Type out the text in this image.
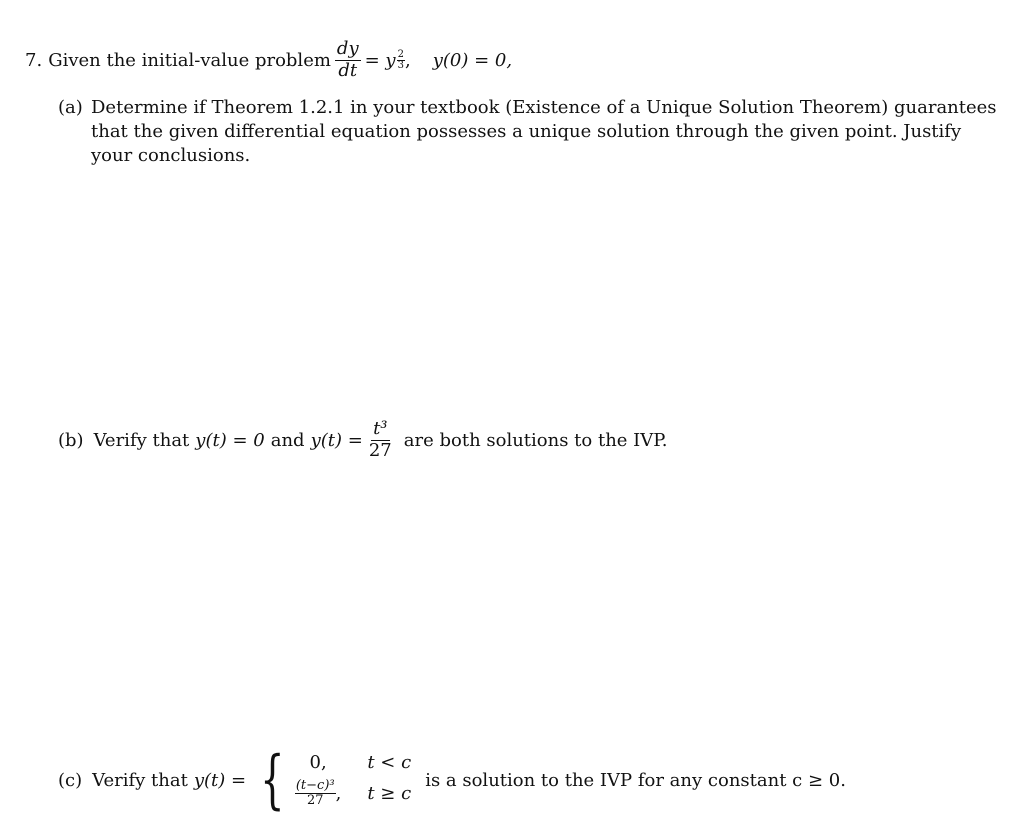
7. Given the initial-value problem $\frac{dy}{dt} = y \frac{2}{3}$ , y(0) = 0,
(a) Determine if Theorem 1.2.1 in your textbook (Existence of a Unique Solution Theorem) guarantees that the given differential equation possesses a unique solution through the given point. Justify your conclusions.
(b) Verify that y(t) = 0 and $y(t) = \frac{\text{t³}}{27}$ are both solutions to the IVP.
(c) Verify that y(t) = {	0,	t < c
$\frac{\text{(t−c)³}}{27}$ , t ≥ c
is a solution to the IVP for any constant c ≥ 0.
